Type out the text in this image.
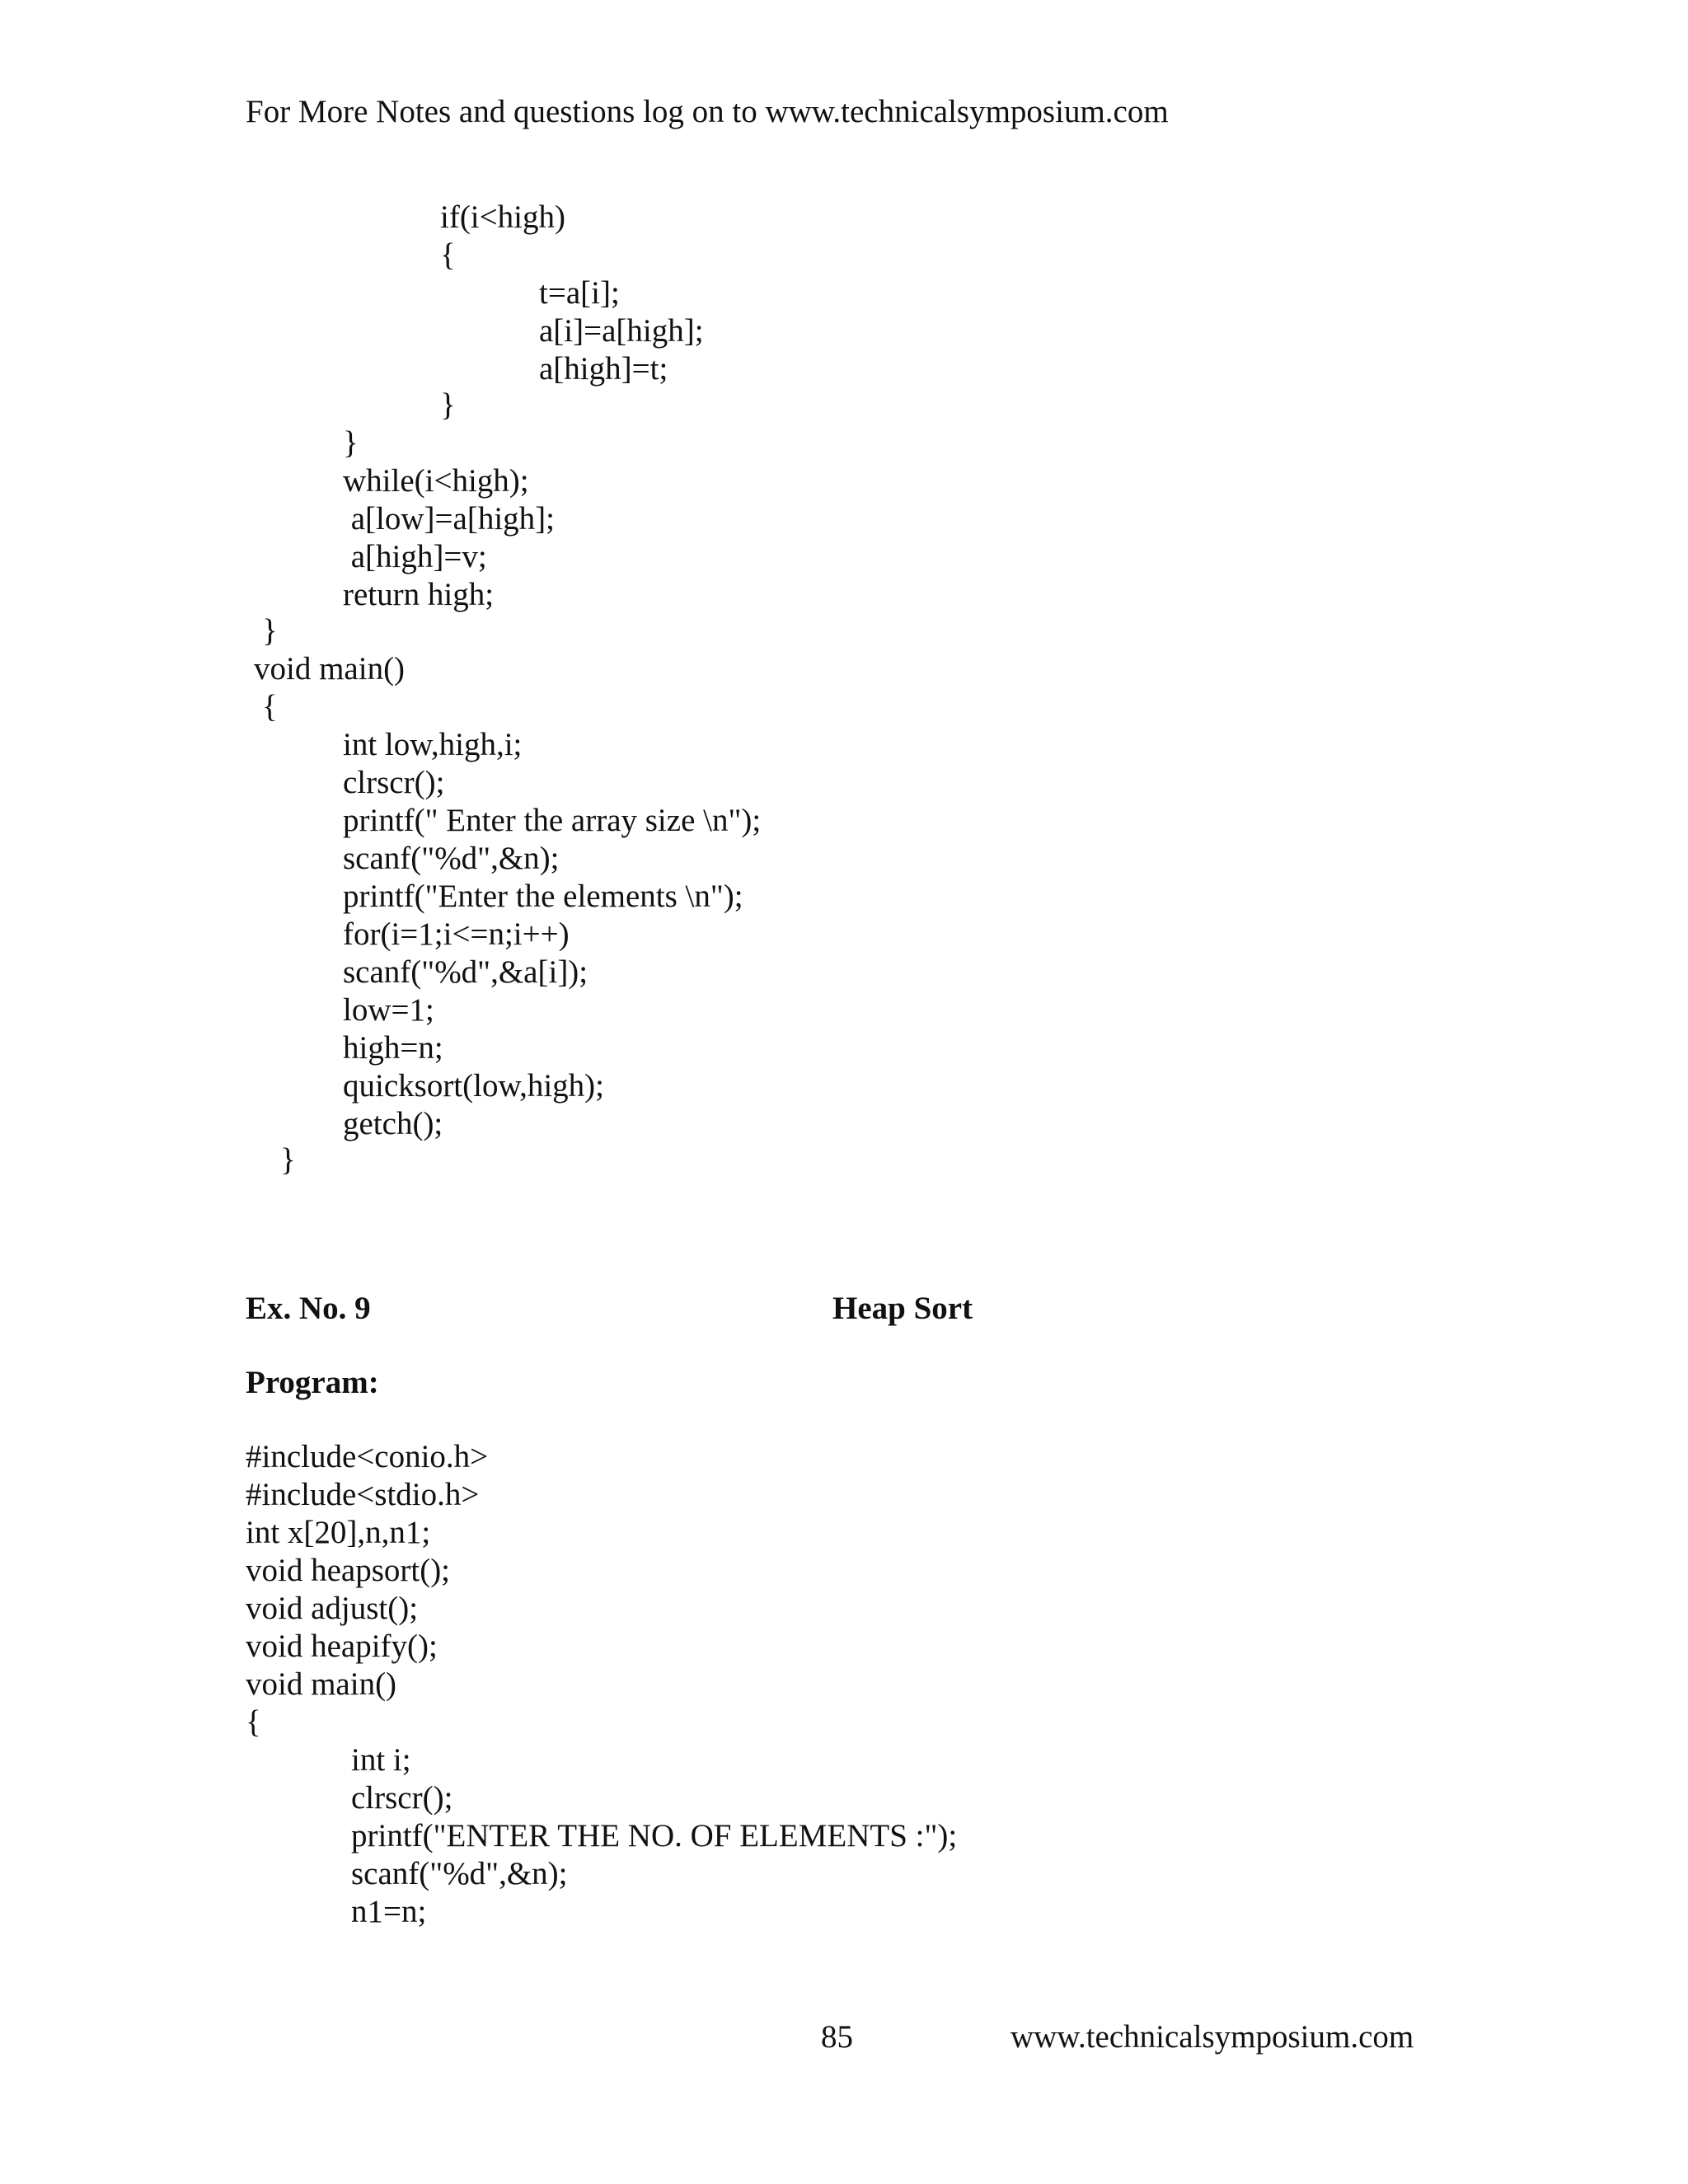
For More Notes and questions log on to www.technicalsymposium.com
if(i<high)
{
t=a[i];
a[i]=a[high];
a[high]=t;
}
}
while(i<high);
a[low]=a[high];
a[high]=v;
return high;
}
void main()
{
int low,high,i;
clrscr();
printf(" Enter the array size \n");
scanf("%d",&n);
printf("Enter the elements \n");
for(i=1;i<=n;i++)
scanf("%d",&a[i]);
low=1;
high=n;
quicksort(low,high);
getch();
}
Ex. No. 9	Heap Sort
Program:
#include<conio.h>
#include<stdio.h>
int x[20],n,n1;
void heapsort();
void adjust();
void heapify();
void main()
{
int i;
clrscr();
printf("ENTER THE NO. OF ELEMENTS :");
scanf("%d",&n);
n1=n;
85	www.technicalsymposium.com
